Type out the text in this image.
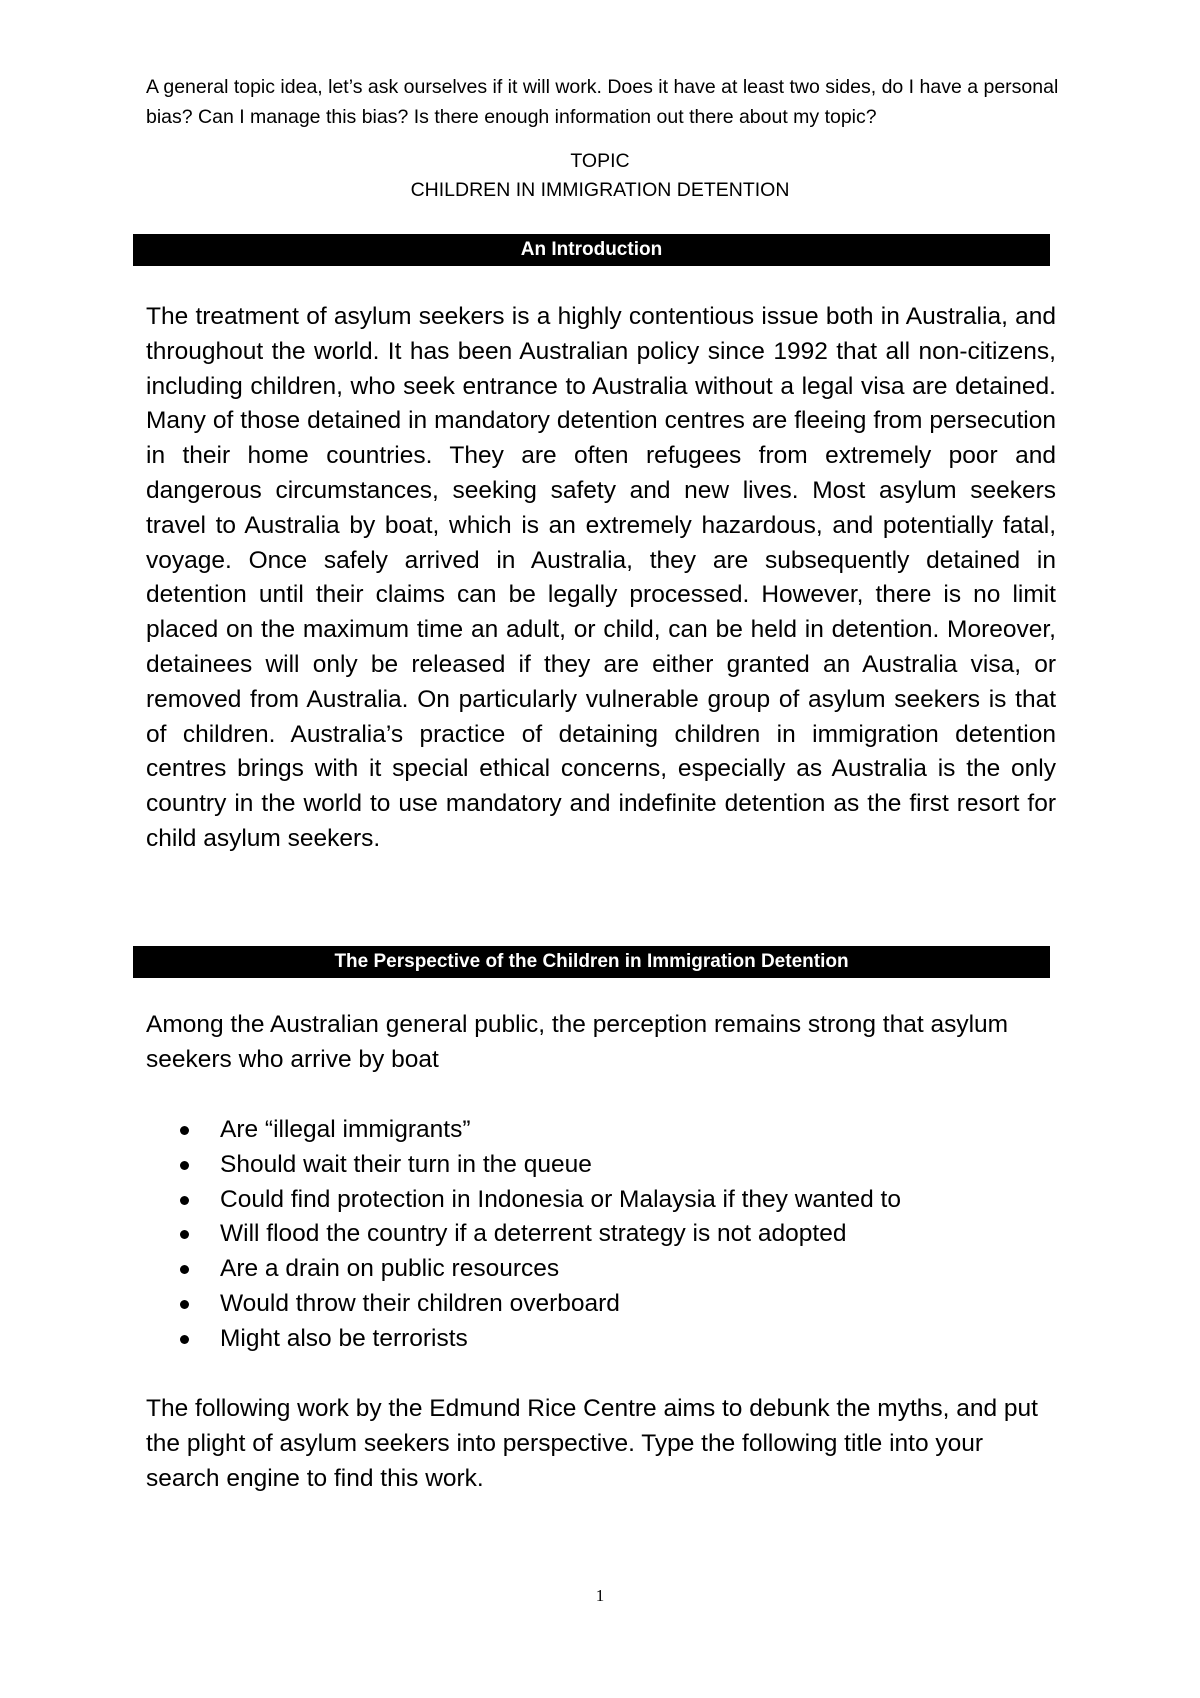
A general topic idea, let’s ask ourselves if it will work. Does it have at least two sides, do I have a personal bias? Can I manage this bias? Is there enough information out there about my topic?

TOPIC

CHILDREN IN IMMIGRATION DETENTION

An Introduction

The treatment of asylum seekers is a highly contentious issue both in Australia, and throughout the world. It has been Australian policy since 1992 that all non-citizens, including children, who seek entrance to Australia without a legal visa are detained. Many of those detained in mandatory detention centres are fleeing from persecution in their home countries. They are often refugees from extremely poor and dangerous circumstances, seeking safety and new lives. Most asylum seekers travel to Australia by boat, which is an extremely hazardous, and potentially fatal, voyage. Once safely arrived in Australia, they are subsequently detained in detention until their claims can be legally processed. However, there is no limit placed on the maximum time an adult, or child, can be held in detention. Moreover, detainees will only be released if they are either granted an Australia visa, or removed from Australia. On particularly vulnerable group of asylum seekers is that of children. Australia’s practice of detaining children in immigration detention centres brings with it special ethical concerns, especially as Australia is the only country in the world to use mandatory and indefinite detention as the first resort for child asylum seekers.

The Perspective of the Children in Immigration Detention

Among the Australian general public, the perception remains strong that asylum seekers who arrive by boat

Are “illegal immigrants”
Should wait their turn in the queue
Could find protection in Indonesia or Malaysia if they wanted to
Will flood the country if a deterrent strategy is not adopted
Are a drain on public resources
Would throw their children overboard
Might also be terrorists

The following work by the Edmund Rice Centre aims to debunk the myths, and put the plight of asylum seekers into perspective. Type the following title into your search engine to find this work.

1
